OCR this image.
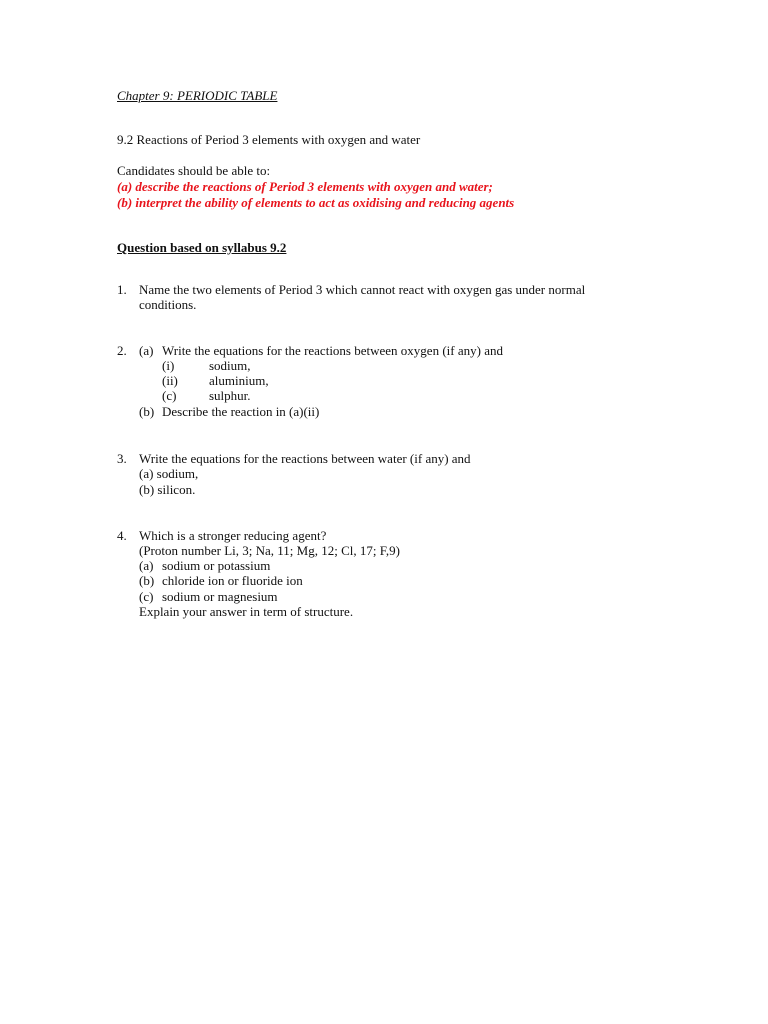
Chapter 9: PERIODIC TABLE
9.2 Reactions of Period 3 elements with oxygen and water
Candidates should be able to:
(a) describe the reactions of Period 3 elements with oxygen and water;
(b) interpret the ability of elements to act as oxidising and reducing agents
Question based on syllabus 9.2
1. Name the two elements of Period 3 which cannot react with oxygen gas under normal
conditions.
2. (a) Write the equations for the reactions between oxygen (if any) and
(i)	sodium,
(ii) aluminium,
(c)	sulphur.
(b) Describe the reaction in (a)(ii)
3. Write the equations for the reactions between water (if any) and
(a) sodium,
(b) silicon.
4. Which is a stronger reducing agent?
(Proton number Li, 3; Na, 11; Mg, 12; Cl, 17; F,9)
(a) sodium or potassium
(b) chloride ion or fluoride ion
(c) sodium or magnesium
Explain your answer in term of structure.
